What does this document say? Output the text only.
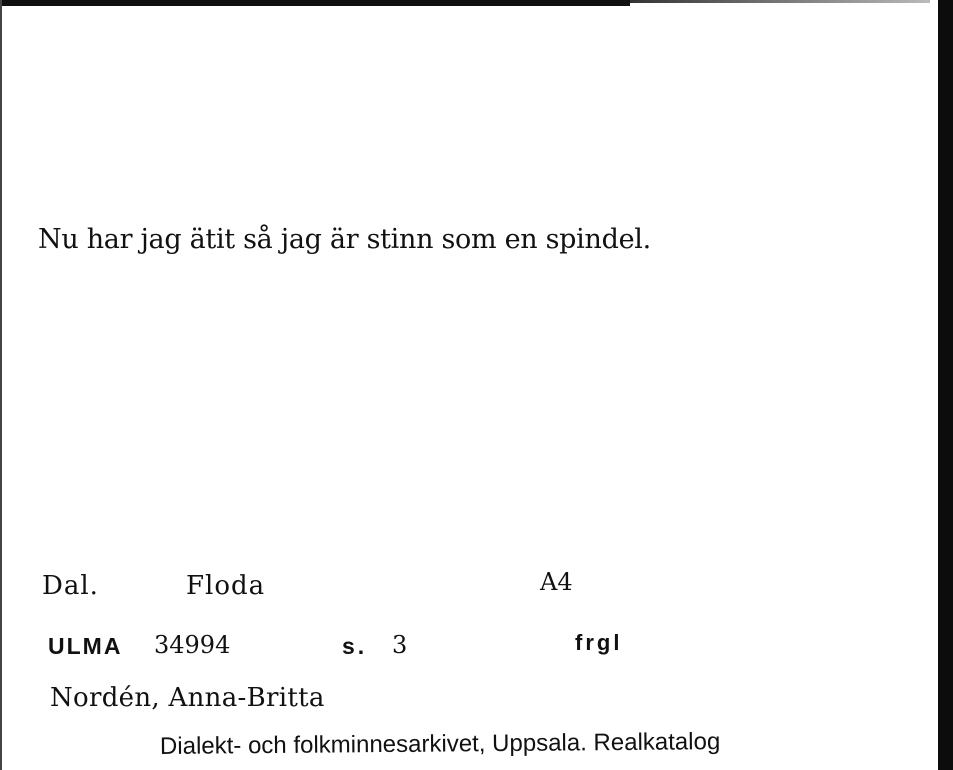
Nu har jag ätit så jag är stinn som en spindel.
Dal.	Floda	A4
ULMA 34994	s. 3	frgl
Nordén, Anna-Britta
Dialekt- och folkminnesarkivet, Uppsala. Realkatalog
